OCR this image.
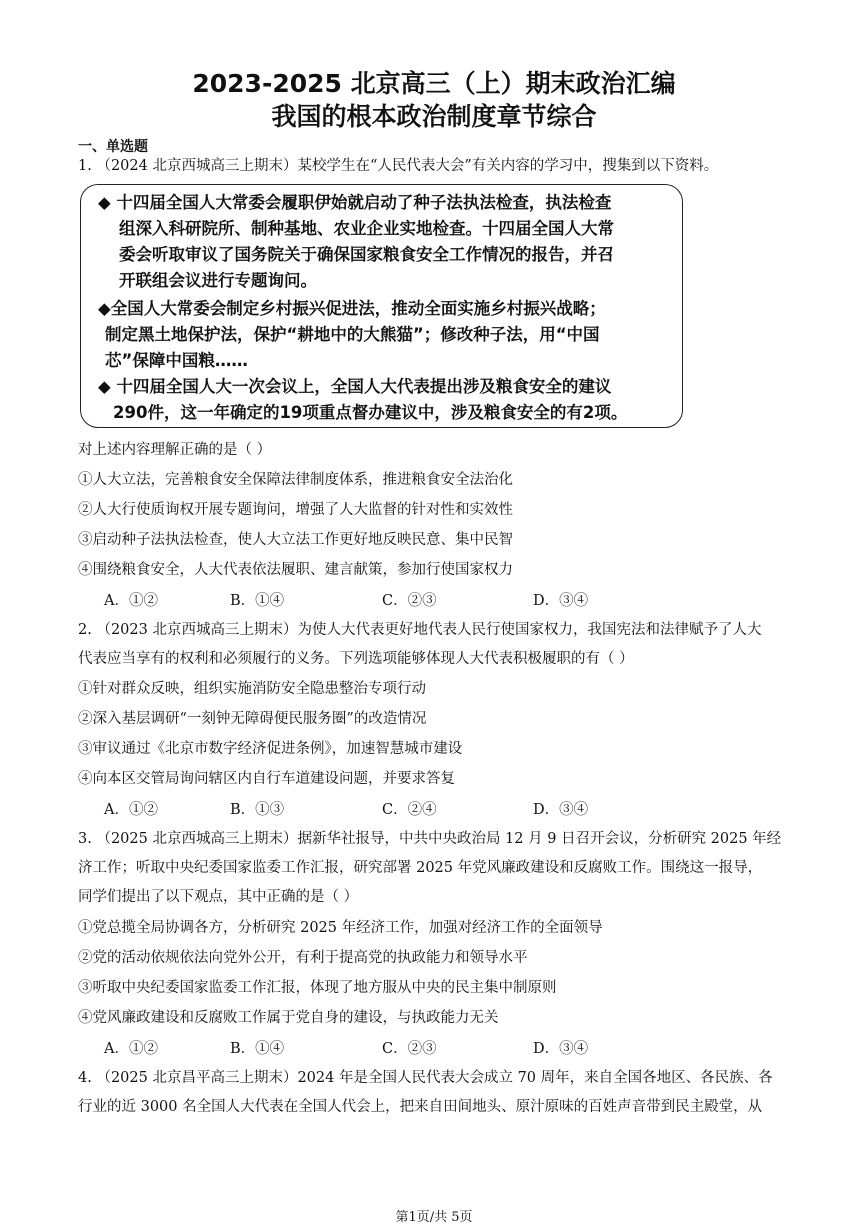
2023-2025 北京高三（上）期末政治汇编
我国的根本政治制度章节综合
一、单选题
1. （2024 北京西城高三上期末）某校学生在“人民代表大会”有关内容的学习中，搜集到以下资料。
◆ 十四届全国人大常委会履职伊始就启动了种子法执法检查，执法检查
组深入科研院所、制种基地、农业企业实地检查。十四届全国人大常
委会听取审议了国务院关于确保国家粮食安全工作情况的报告，并召
开联组会议进行专题询问。
◆全国人大常委会制定乡村振兴促进法，推动全面实施乡村振兴战略；
制定黑土地保护法，保护“耕地中的大熊猫”；修改种子法，用“中国
芯”保障中国粮……
◆ 十四届全国人大一次会议上，全国人大代表提出涉及粮食安全的建议
290件，这一年确定的19项重点督办建议中，涉及粮食安全的有2项。
对上述内容理解正确的是（ ）
①人大立法，完善粮食安全保障法律制度体系，推进粮食安全法治化
②人大行使质询权开展专题询问，增强了人大监督的针对性和实效性
③启动种子法执法检查，使人大立法工作更好地反映民意、集中民智
④围绕粮食安全，人大代表依法履职、建言献策，参加行使国家权力
A．①②	B．①④	C．②③	D．③④
2. （2023 北京西城高三上期末）为使人大代表更好地代表人民行使国家权力，我国宪法和法律赋予了人大
代表应当享有的权利和必须履行的义务。下列选项能够体现人大代表积极履职的有（ ）
①针对群众反映，组织实施消防安全隐患整治专项行动
②深入基层调研“一刻钟无障碍便民服务圈”的改造情况
③审议通过《北京市数字经济促进条例》，加速智慧城市建设
④向本区交管局询问辖区内自行车道建设问题，并要求答复
A．①②	B．①③	C．②④	D．③④
3. （2025 北京西城高三上期末）据新华社报导，中共中央政治局 12 月 9 日召开会议，分析研究 2025 年经
济工作；听取中央纪委国家监委工作汇报，研究部署 2025 年党风廉政建设和反腐败工作。围绕这一报导，
同学们提出了以下观点，其中正确的是（ ）
①党总揽全局协调各方，分析研究 2025 年经济工作，加强对经济工作的全面领导
②党的活动依规依法向党外公开，有利于提高党的执政能力和领导水平
③听取中央纪委国家监委工作汇报，体现了地方服从中央的民主集中制原则
④党风廉政建设和反腐败工作属于党自身的建设，与执政能力无关
A．①②	B．①④	C．②③	D．③④
4. （2025 北京昌平高三上期末）2024 年是全国人民代表大会成立 70 周年，来自全国各地区、各民族、各
行业的近 3000 名全国人大代表在全国人代会上，把来自田间地头、原汁原味的百姓声音带到民主殿堂，从
第1页/共 5页
